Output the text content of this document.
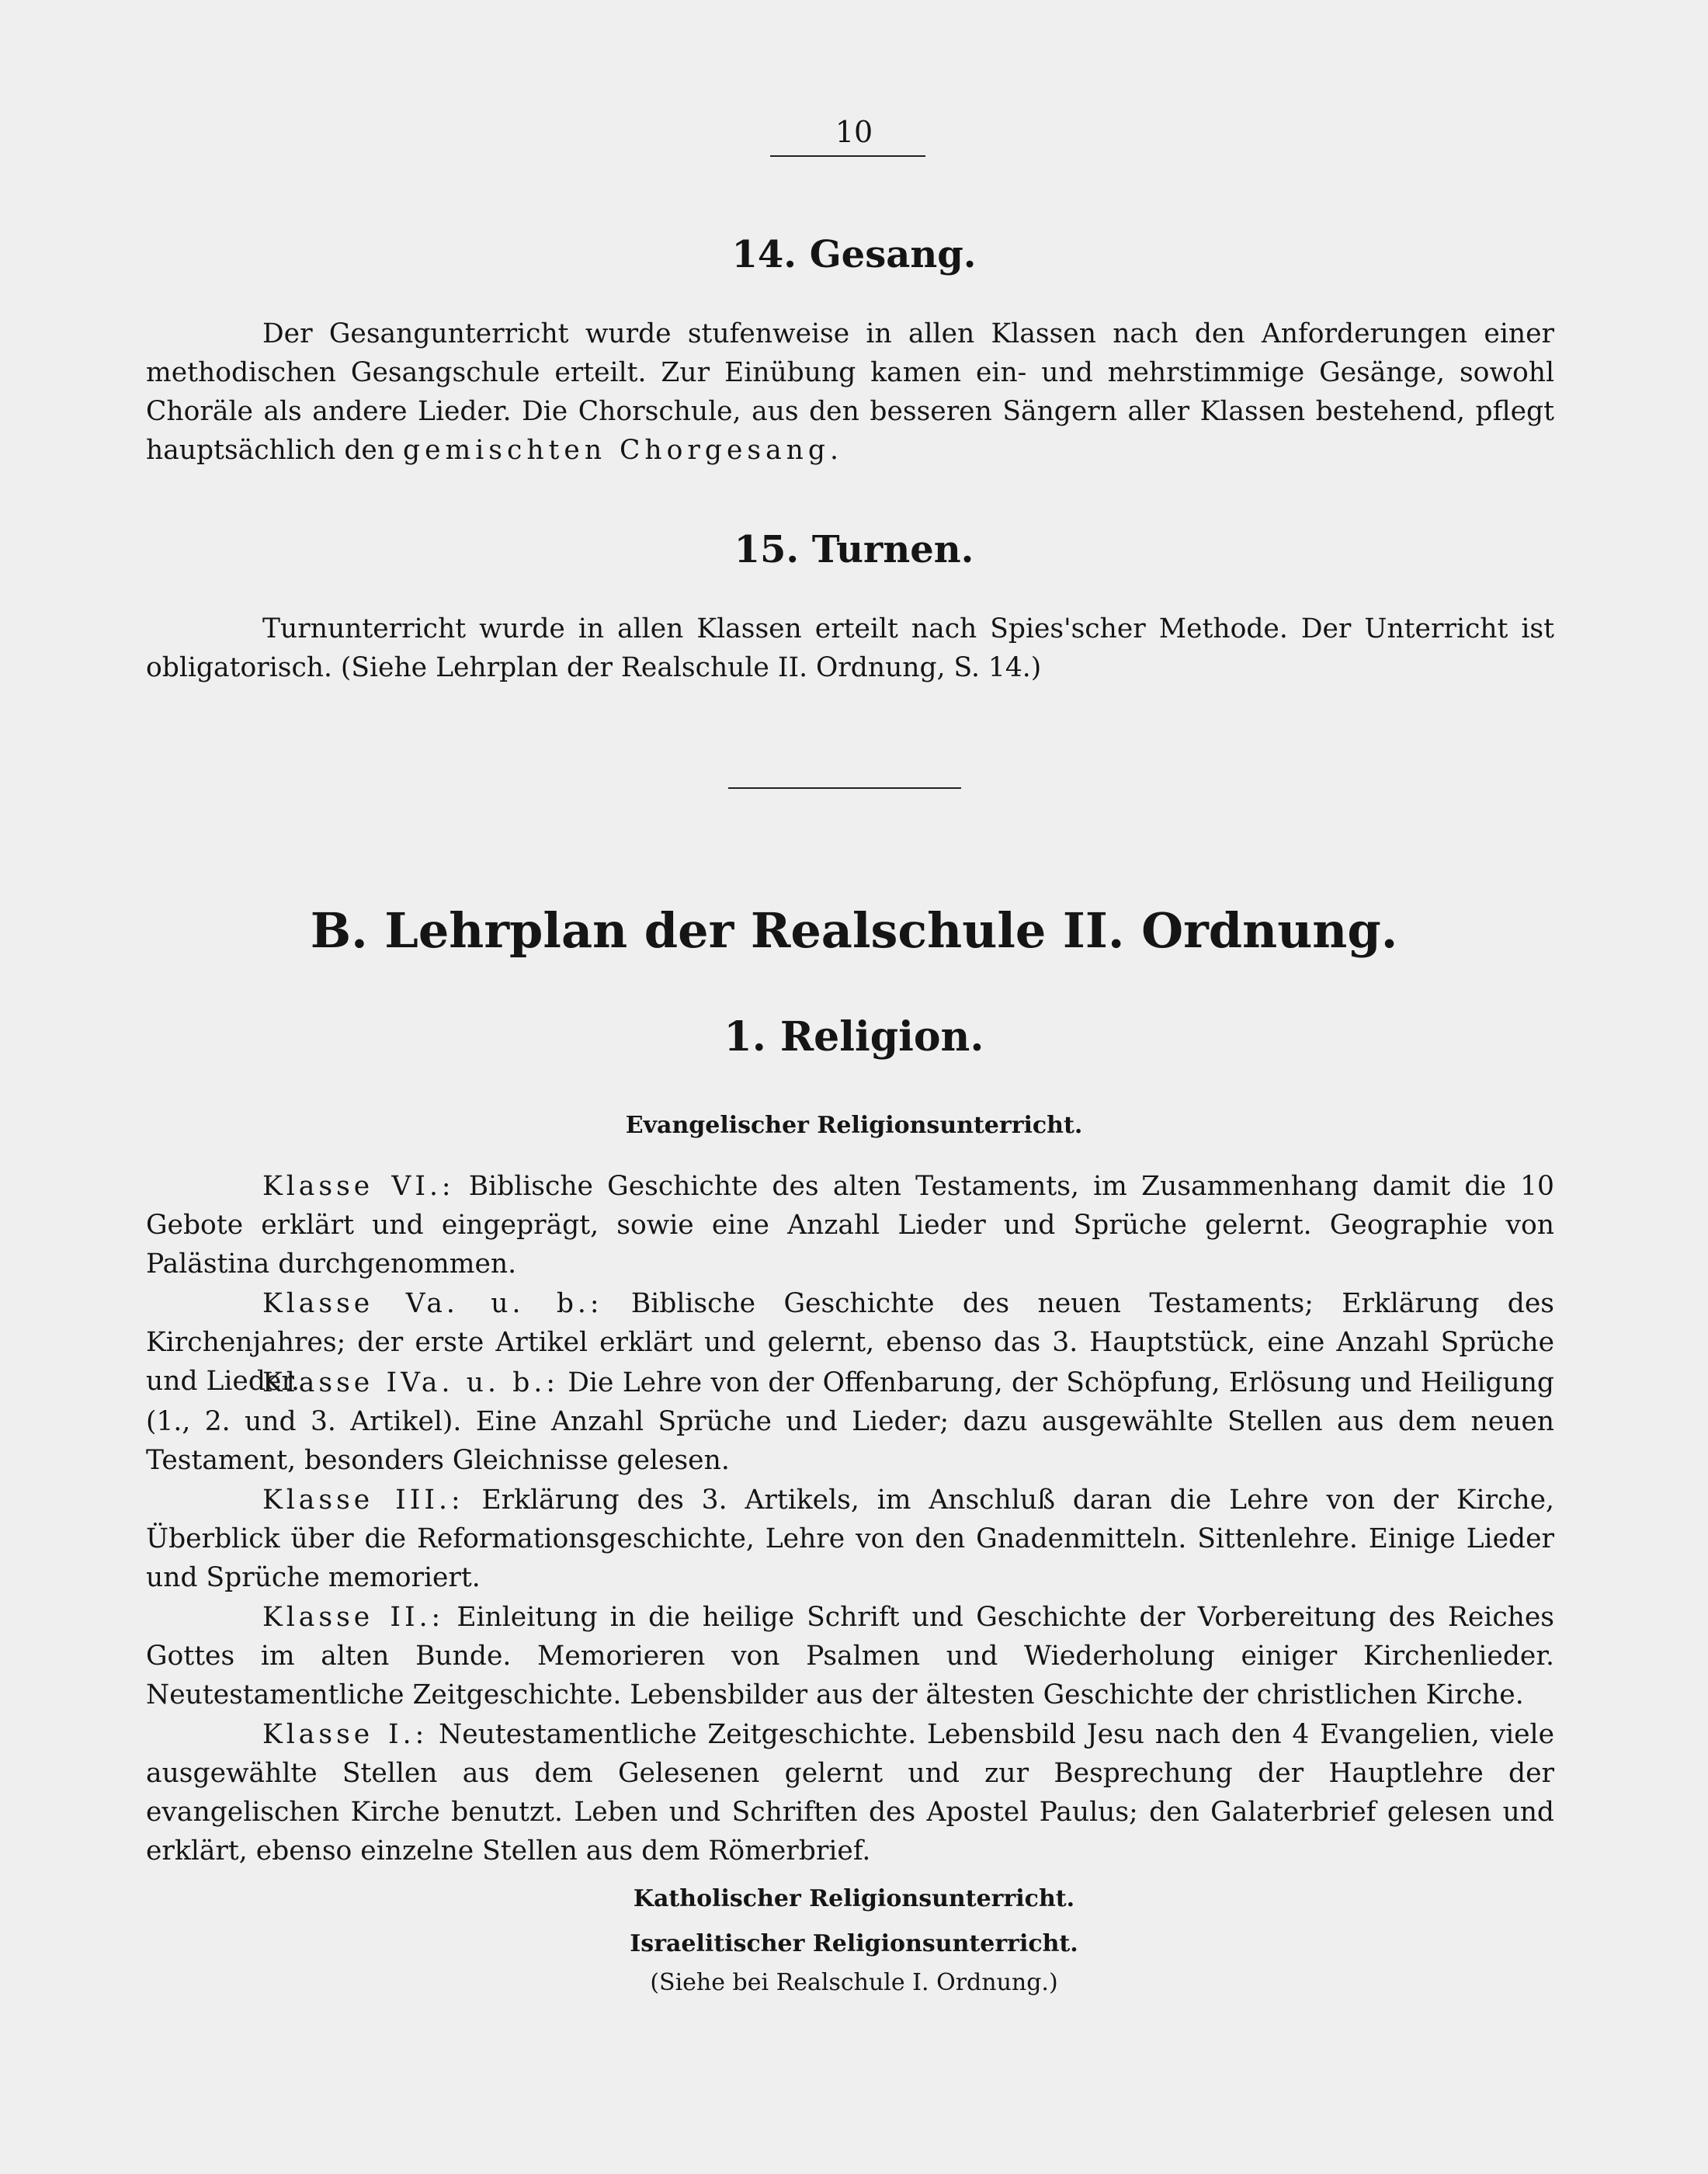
10
14. Gesang.

Der Gesangunterricht wurde stufenweise in allen Klassen nach den Anforderungen einer methodischen Gesangschule erteilt. Zur Einübung kamen ein- und mehrstimmige Gesänge, sowohl Choräle als andere Lieder. Die Chorschule, aus den besseren Sängern aller Klassen bestehend, pflegt hauptsächlich den gemischten Chorgesang.

15. Turnen.

Turnunterricht wurde in allen Klassen erteilt nach Spies'scher Methode. Der Unterricht ist obligatorisch. (Siehe Lehrplan der Realschule II. Ordnung, S. 14.)

B. Lehrplan der Realschule II. Ordnung.
1. Religion.
Evangelischer Religionsunterricht.

Klasse VI.: Biblische Geschichte des alten Testaments, im Zusammenhang damit die 10 Gebote erklärt und eingeprägt, sowie eine Anzahl Lieder und Sprüche gelernt. Geographie von Palästina durchgenommen.

Klasse Va. u. b.: Biblische Geschichte des neuen Testaments; Erklärung des Kirchenjahres; der erste Artikel erklärt und gelernt, ebenso das 3. Hauptstück, eine Anzahl Sprüche und Lieder.

Klasse IVa. u. b.: Die Lehre von der Offenbarung, der Schöpfung, Erlösung und Heiligung (1., 2. und 3. Artikel). Eine Anzahl Sprüche und Lieder; dazu ausgewählte Stellen aus dem neuen Testament, besonders Gleichnisse gelesen.

Klasse III.: Erklärung des 3. Artikels, im Anschluß daran die Lehre von der Kirche, Überblick über die Reformationsgeschichte, Lehre von den Gnadenmitteln. Sittenlehre. Einige Lieder und Sprüche memoriert.

Klasse II.: Einleitung in die heilige Schrift und Geschichte der Vorbereitung des Reiches Gottes im alten Bunde. Memorieren von Psalmen und Wiederholung einiger Kirchenlieder. Neutestamentliche Zeitgeschichte. Lebensbilder aus der ältesten Geschichte der christlichen Kirche.

Klasse I.: Neutestamentliche Zeitgeschichte. Lebensbild Jesu nach den 4 Evangelien, viele ausgewählte Stellen aus dem Gelesenen gelernt und zur Besprechung der Hauptlehre der evangelischen Kirche benutzt. Leben und Schriften des Apostel Paulus; den Galaterbrief gelesen und erklärt, ebenso einzelne Stellen aus dem Römerbrief.

Katholischer Religionsunterricht.
Israelitischer Religionsunterricht.
(Siehe bei Realschule I. Ordnung.)
